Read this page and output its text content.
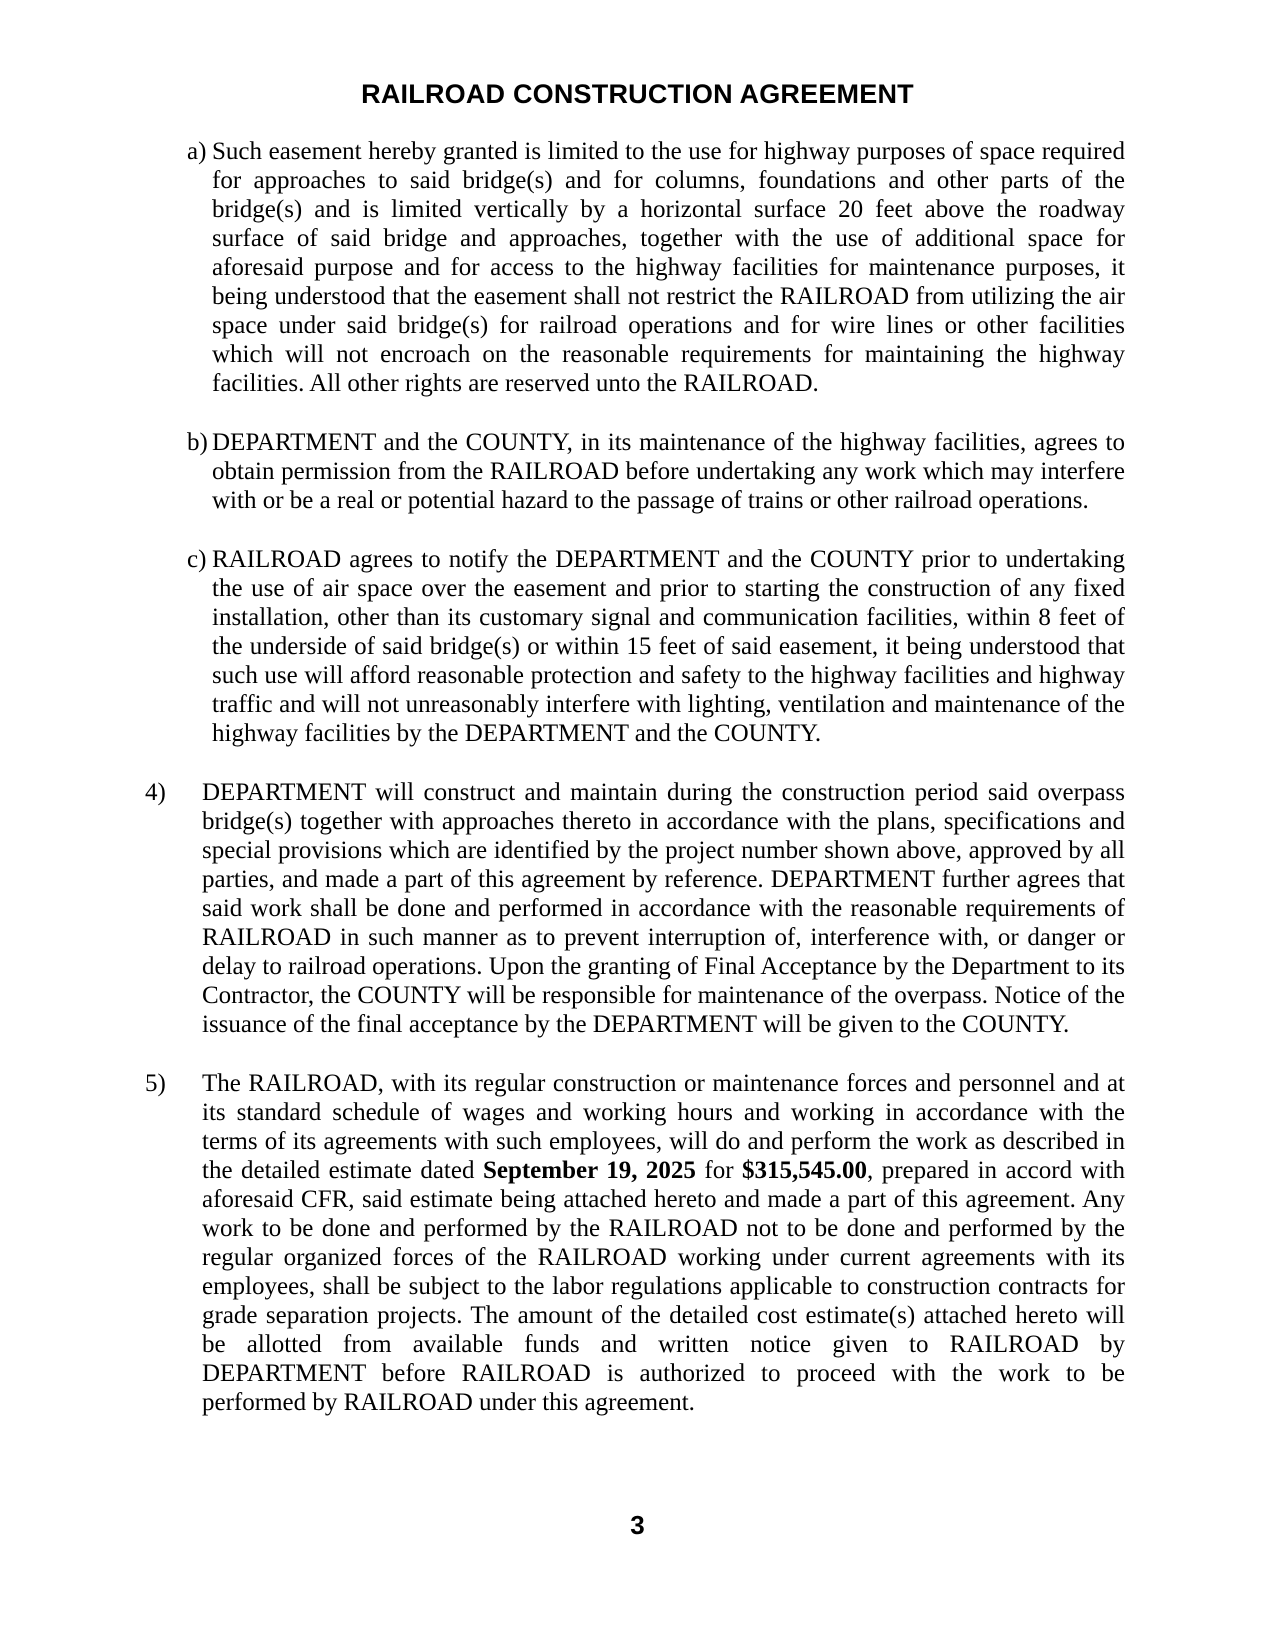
RAILROAD CONSTRUCTION AGREEMENT
a) Such easement hereby granted is limited to the use for highway purposes of space required for approaches to said bridge(s) and for columns, foundations and other parts of the bridge(s) and is limited vertically by a horizontal surface 20 feet above the roadway surface of said bridge and approaches, together with the use of additional space for aforesaid purpose and for access to the highway facilities for maintenance purposes, it being understood that the easement shall not restrict the RAILROAD from utilizing the air space under said bridge(s) for railroad operations and for wire lines or other facilities which will not encroach on the reasonable requirements for maintaining the highway facilities. All other rights are reserved unto the RAILROAD.
b) DEPARTMENT and the COUNTY, in its maintenance of the highway facilities, agrees to obtain permission from the RAILROAD before undertaking any work which may interfere with or be a real or potential hazard to the passage of trains or other railroad operations.
c) RAILROAD agrees to notify the DEPARTMENT and the COUNTY prior to undertaking the use of air space over the easement and prior to starting the construction of any fixed installation, other than its customary signal and communication facilities, within 8 feet of the underside of said bridge(s) or within 15 feet of said easement, it being understood that such use will afford reasonable protection and safety to the highway facilities and highway traffic and will not unreasonably interfere with lighting, ventilation and maintenance of the highway facilities by the DEPARTMENT and the COUNTY.
4)	DEPARTMENT will construct and maintain during the construction period said overpass bridge(s) together with approaches thereto in accordance with the plans, specifications and special provisions which are identified by the project number shown above, approved by all parties, and made a part of this agreement by reference. DEPARTMENT further agrees that said work shall be done and performed in accordance with the reasonable requirements of RAILROAD in such manner as to prevent interruption of, interference with, or danger or delay to railroad operations. Upon the granting of Final Acceptance by the Department to its Contractor, the COUNTY will be responsible for maintenance of the overpass. Notice of the issuance of the final acceptance by the DEPARTMENT will be given to the COUNTY.
5)	The RAILROAD, with its regular construction or maintenance forces and personnel and at its standard schedule of wages and working hours and working in accordance with the terms of its agreements with such employees, will do and perform the work as described in the detailed estimate dated September 19, 2025 for $315,545.00, prepared in accord with aforesaid CFR, said estimate being attached hereto and made a part of this agreement. Any work to be done and performed by the RAILROAD not to be done and performed by the regular organized forces of the RAILROAD working under current agreements with its employees, shall be subject to the labor regulations applicable to construction contracts for grade separation projects. The amount of the detailed cost estimate(s) attached hereto will be allotted from available funds and written notice given to RAILROAD by DEPARTMENT before RAILROAD is authorized to proceed with the work to be performed by RAILROAD under this agreement.
3
